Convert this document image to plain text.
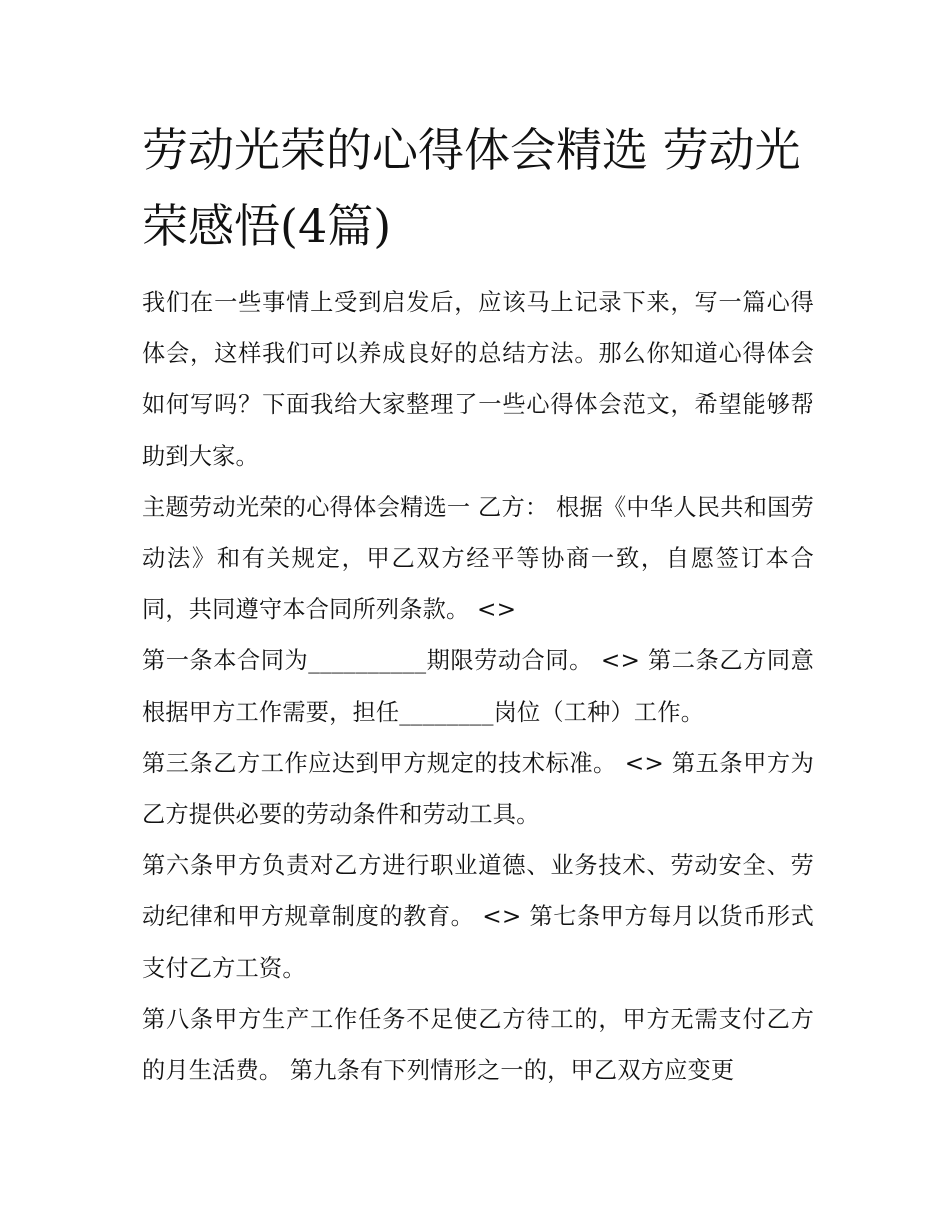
劳动光荣的心得体会精选 劳动光荣感悟(4篇)

我们在一些事情上受到启发后，应该马上记录下来，写一篇心得体会，这样我们可以养成良好的总结方法。那么你知道心得体会如何写吗？下面我给大家整理了一些心得体会范文，希望能够帮助到大家。

主题劳动光荣的心得体会精选一 乙方： 根据《中华人民共和国劳动法》和有关规定，甲乙双方经平等协商一致，自愿签订本合同，共同遵守本合同所列条款。 <>

第一条本合同为__________期限劳动合同。 <> 第二条乙方同意根据甲方工作需要，担任________岗位（工种）工作。

第三条乙方工作应达到甲方规定的技术标准。 <> 第五条甲方为乙方提供必要的劳动条件和劳动工具。

第六条甲方负责对乙方进行职业道德、业务技术、劳动安全、劳动纪律和甲方规章制度的教育。 <> 第七条甲方每月以货币形式支付乙方工资。

第八条甲方生产工作任务不足使乙方待工的，甲方无需支付乙方的月生活费。 第九条有下列情形之一的，甲乙双方应变更
